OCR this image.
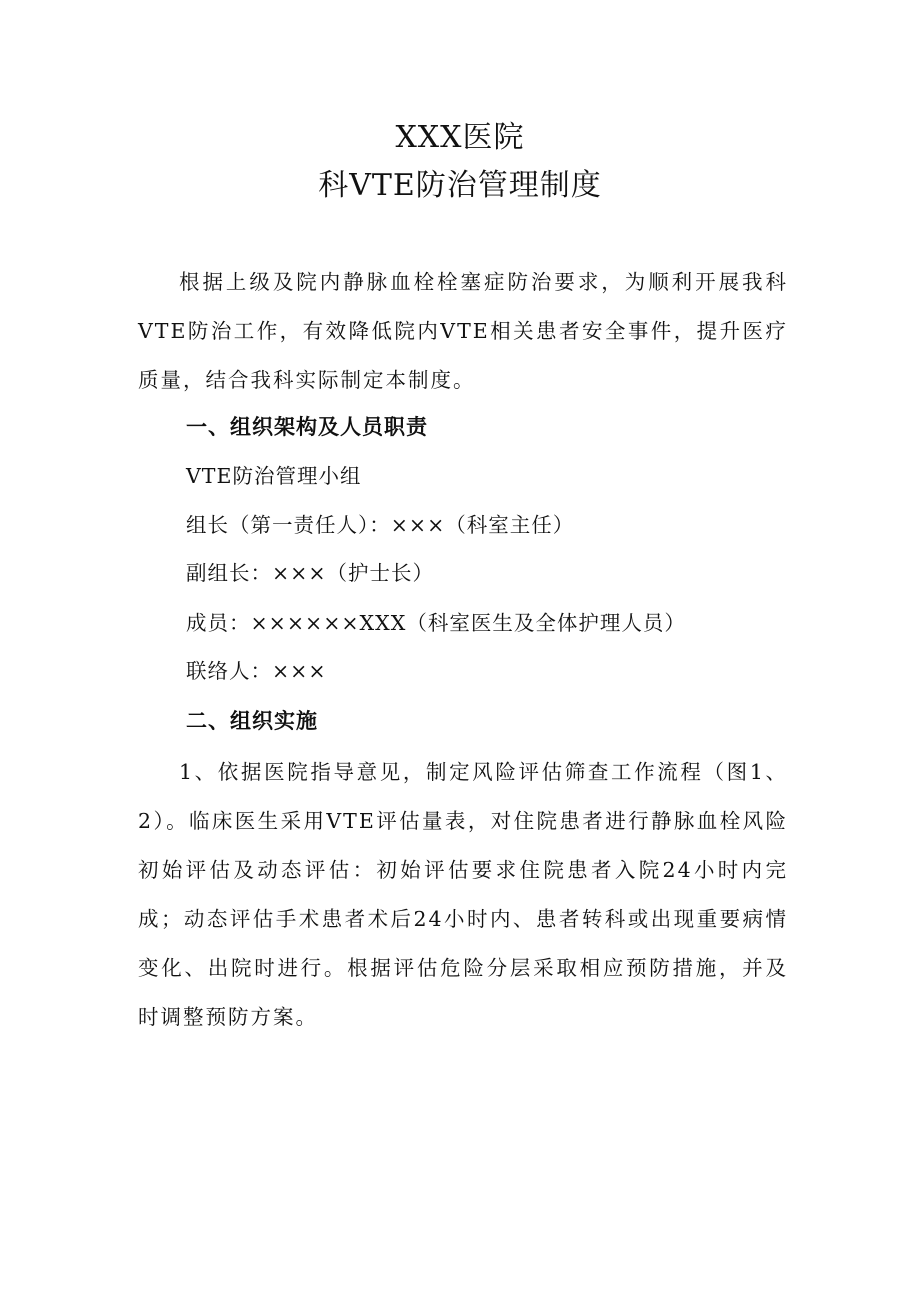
XXX医院
科VTE防治管理制度

根据上级及院内静脉血栓栓塞症防治要求，为顺利开展我科VTE防治工作，有效降低院内VTE相关患者安全事件，提升医疗质量，结合我科实际制定本制度。

一、组织架构及人员职责

VTE防治管理小组

组长（第一责任人）：×××（科室主任）

副组长：×××（护士长）

成员：××××××XXX（科室医生及全体护理人员）

联络人：×××

二、组织实施

1、依据医院指导意见，制定风险评估筛查工作流程（图1、2）。临床医生采用VTE评估量表，对住院患者进行静脉血栓风险初始评估及动态评估：初始评估要求住院患者入院24小时内完成；动态评估手术患者术后24小时内、患者转科或出现重要病情变化、出院时进行。根据评估危险分层采取相应预防措施，并及时调整预防方案。
